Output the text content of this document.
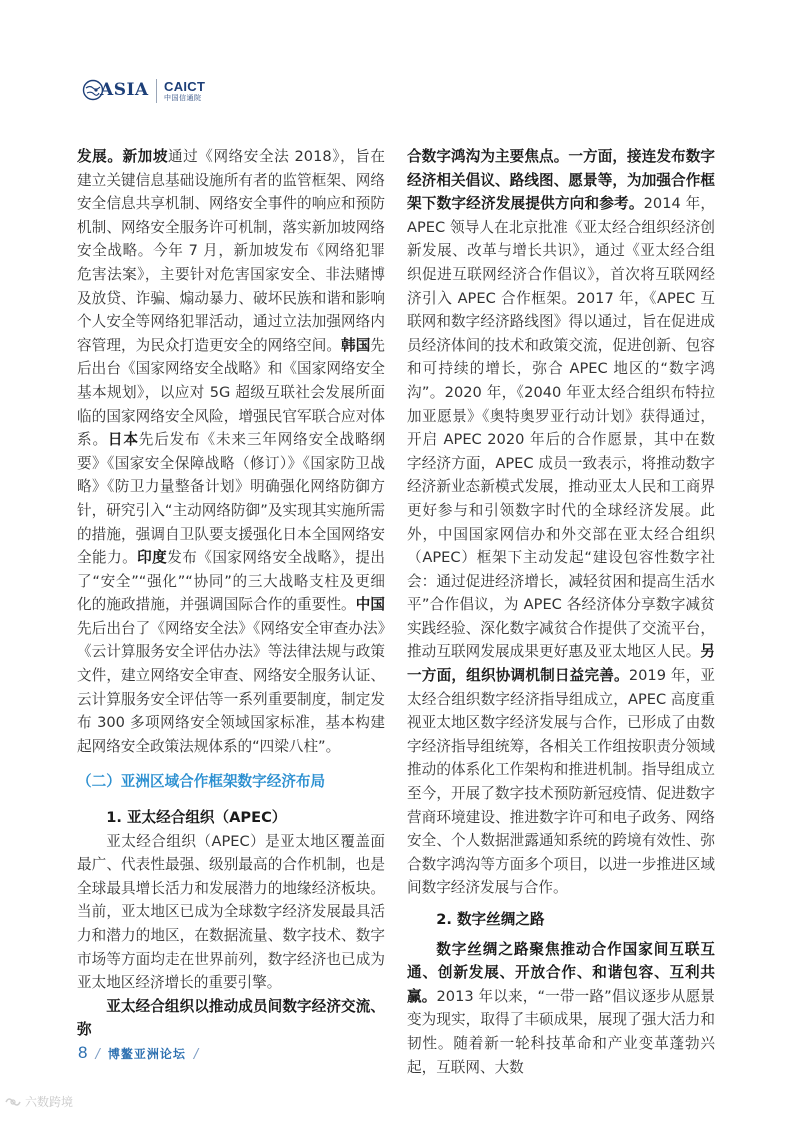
ASIA CAICT
中国信通院

发展。新加坡通过《网络安全法 2018》，旨在建立关键信息基础设施所有者的监管框架、网络安全信息共享机制、网络安全事件的响应和预防机制、网络安全服务许可机制，落实新加坡网络安全战略。今年 7 月，新加坡发布《网络犯罪危害法案》，主要针对危害国家安全、非法赌博及放贷、诈骗、煽动暴力、破坏民族和谐和影响个人安全等网络犯罪活动，通过立法加强网络内容管理，为民众打造更安全的网络空间。韩国先后出台《国家网络安全战略》和《国家网络安全基本规划》，以应对 5G 超级互联社会发展所面临的国家网络安全风险，增强民官军联合应对体系。日本先后发布《未来三年网络安全战略纲要》《国家安全保障战略（修订）》《国家防卫战略》《防卫力量整备计划》明确强化网络防御方针，研究引入“主动网络防御”及实现其实施所需的措施，强调自卫队要支援强化日本全国网络安全能力。印度发布《国家网络安全战略》，提出了“安全”“强化”“协同”的三大战略支柱及更细化的施政措施，并强调国际合作的重要性。中国先后出台了《网络安全法》《网络安全审查办法》《云计算服务安全评估办法》等法律法规与政策文件，建立网络安全审查、网络安全服务认证、云计算服务安全评估等一系列重要制度，制定发布 300 多项网络安全领域国家标准，基本构建起网络安全政策法规体系的“四梁八柱”。

（二）亚洲区域合作框架数字经济布局

1. 亚太经合组织（APEC）

亚太经合组织（APEC）是亚太地区覆盖面最广、代表性最强、级别最高的合作机制，也是全球最具增长活力和发展潜力的地缘经济板块。当前，亚太地区已成为全球数字经济发展最具活力和潜力的地区，在数据流量、数字技术、数字市场等方面均走在世界前列，数字经济也已成为亚太地区经济增长的重要引擎。

亚太经合组织以推动成员间数字经济交流、弥

合数字鸿沟为主要焦点。一方面，接连发布数字经济相关倡议、路线图、愿景等，为加强合作框架下数字经济发展提供方向和参考。2014 年，APEC 领导人在北京批准《亚太经合组织经济创新发展、改革与增长共识》，通过《亚太经合组织促进互联网经济合作倡议》，首次将互联网经济引入 APEC 合作框架。2017 年，《APEC 互联网和数字经济路线图》得以通过，旨在促进成员经济体间的技术和政策交流，促进创新、包容和可持续的增长，弥合 APEC 地区的“数字鸿沟”。2020 年，《2040 年亚太经合组织布特拉加亚愿景》《奥特奥罗亚行动计划》获得通过，开启 APEC 2020 年后的合作愿景，其中在数字经济方面，APEC 成员一致表示，将推动数字经济新业态新模式发展，推动亚太人民和工商界更好参与和引领数字时代的全球经济发展。此外，中国国家网信办和外交部在亚太经合组织（APEC）框架下主动发起“建设包容性数字社会：通过促进经济增长，减轻贫困和提高生活水平”合作倡议，为 APEC 各经济体分享数字减贫实践经验、深化数字减贫合作提供了交流平台，推动互联网发展成果更好惠及亚太地区人民。另一方面，组织协调机制日益完善。2019 年，亚太经合组织数字经济指导组成立，APEC 高度重视亚太地区数字经济发展与合作，已形成了由数字经济指导组统筹，各相关工作组按职责分领域推动的体系化工作架构和推进机制。指导组成立至今，开展了数字技术预防新冠疫情、促进数字营商环境建设、推进数字许可和电子政务、网络安全、个人数据泄露通知系统的跨境有效性、弥合数字鸿沟等方面多个项目，以进一步推进区域间数字经济发展与合作。

2. 数字丝绸之路

数字丝绸之路聚焦推动合作国家间互联互通、创新发展、开放合作、和谐包容、互利共赢。2013 年以来，“一带一路”倡议逐步从愿景变为现实，取得了丰硕成果，展现了强大活力和韧性。随着新一轮科技革命和产业变革蓬勃兴起，互联网、大数

8 / 博鳌亚洲论坛 /
六数跨境
